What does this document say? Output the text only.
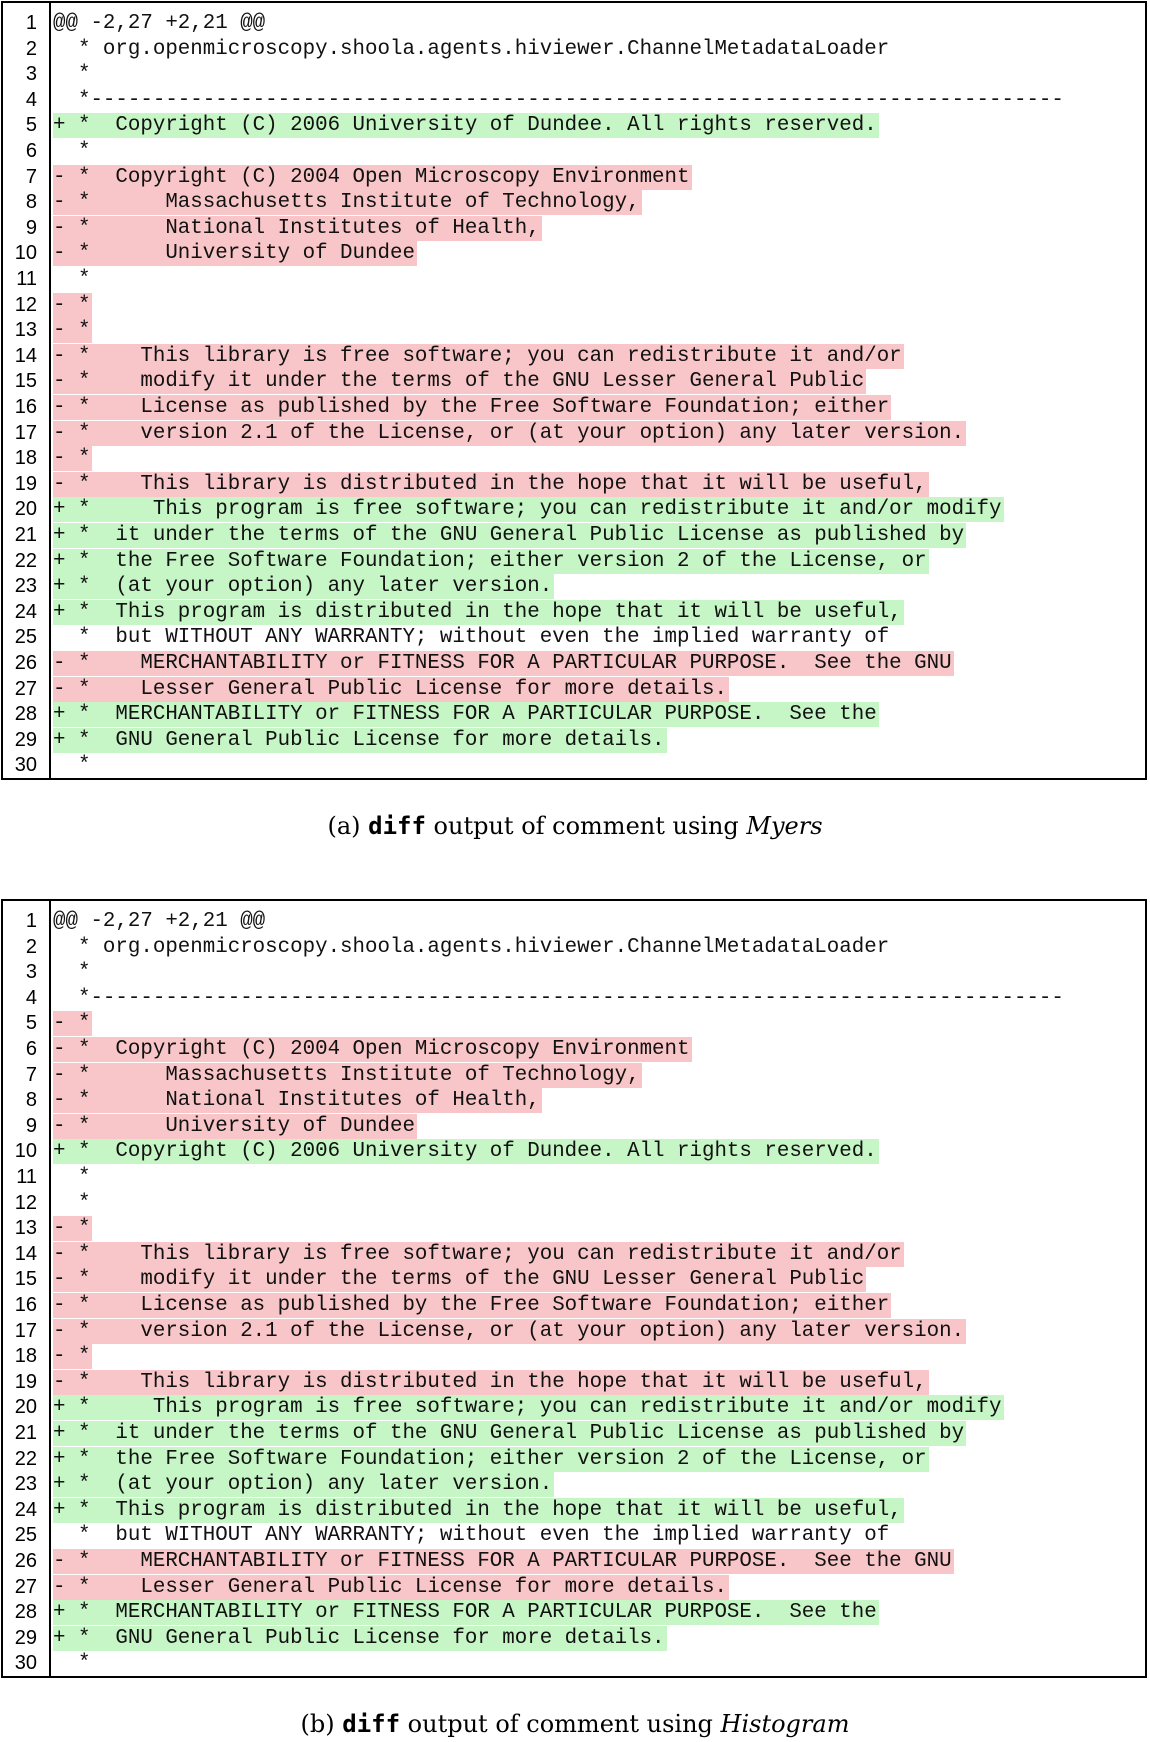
1 @@ -2,27 +2,21 @@
2 * org.openmicroscopy.shoola.agents.hiviewer.ChannelMetadataLoader
3 *
4 *------------------------------------------------------------------------------
5 + *  Copyright (C) 2006 University of Dundee. All rights reserved.
6 *
7 - *  Copyright (C) 2004 Open Microscopy Environment
8 - *      Massachusetts Institute of Technology,
9 - *      National Institutes of Health,
10 - *      University of Dundee
11 *
12 - *
13 - *
14 - *    This library is free software; you can redistribute it and/or
15 - *    modify it under the terms of the GNU Lesser General Public
16 - *    License as published by the Free Software Foundation; either
17 - *    version 2.1 of the License, or (at your option) any later version.
18 - *
19 - *    This library is distributed in the hope that it will be useful,
20 + *     This program is free software; you can redistribute it and/or modify
21 + *  it under the terms of the GNU General Public License as published by
22 + *  the Free Software Foundation; either version 2 of the License, or
23 + *  (at your option) any later version.
24 + *  This program is distributed in the hope that it will be useful,
25 *  but WITHOUT ANY WARRANTY; without even the implied warranty of
26 - *    MERCHANTABILITY or FITNESS FOR A PARTICULAR PURPOSE.  See the GNU
27 - *    Lesser General Public License for more details.
28 + *  MERCHANTABILITY or FITNESS FOR A PARTICULAR PURPOSE.  See the
29 + *  GNU General Public License for more details.
30 *
(a) diff output of comment using Myers
1 @@ -2,27 +2,21 @@
2 * org.openmicroscopy.shoola.agents.hiviewer.ChannelMetadataLoader
3 *
4 *------------------------------------------------------------------------------
5 - *
6 - *  Copyright (C) 2004 Open Microscopy Environment
7 - *      Massachusetts Institute of Technology,
8 - *      National Institutes of Health,
9 - *      University of Dundee
10 + *  Copyright (C) 2006 University of Dundee. All rights reserved.
11 *
12 *
13 - *
14 - *    This library is free software; you can redistribute it and/or
15 - *    modify it under the terms of the GNU Lesser General Public
16 - *    License as published by the Free Software Foundation; either
17 - *    version 2.1 of the License, or (at your option) any later version.
18 - *
19 - *    This library is distributed in the hope that it will be useful,
20 + *     This program is free software; you can redistribute it and/or modify
21 + *  it under the terms of the GNU General Public License as published by
22 + *  the Free Software Foundation; either version 2 of the License, or
23 + *  (at your option) any later version.
24 + *  This program is distributed in the hope that it will be useful,
25 *  but WITHOUT ANY WARRANTY; without even the implied warranty of
26 - *    MERCHANTABILITY or FITNESS FOR A PARTICULAR PURPOSE.  See the GNU
27 - *    Lesser General Public License for more details.
28 + *  MERCHANTABILITY or FITNESS FOR A PARTICULAR PURPOSE.  See the
29 + *  GNU General Public License for more details.
30 *
(b) diff output of comment using Histogram
